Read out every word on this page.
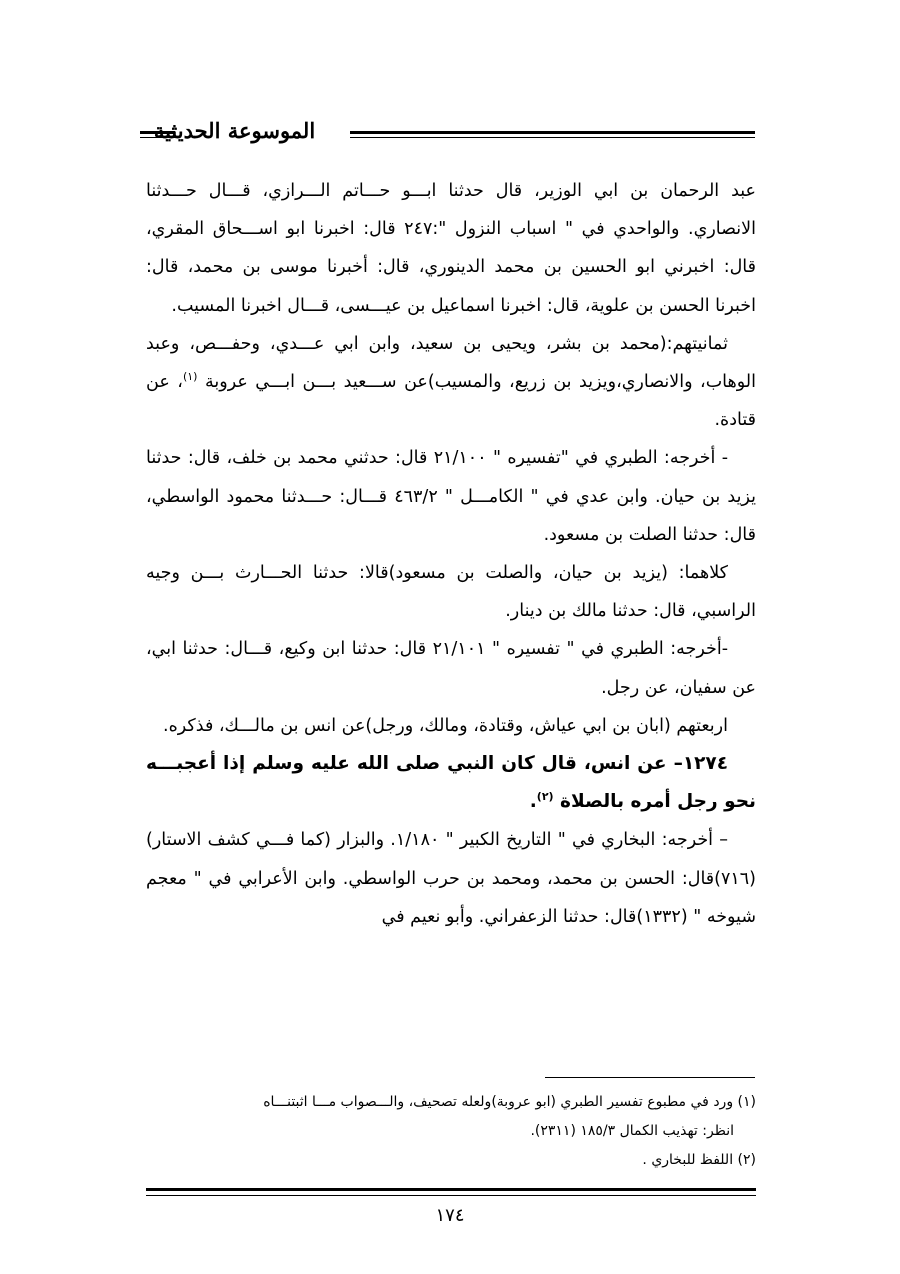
الموسوعة الحديثية

عبد الرحمان بن ابي الوزير، قال حدثنا ابـــو حـــاتم الـــرازي، قـــال حـــدثنا الانصاري. والواحدي في " اسباب النزول ":٢٤٧ قال: اخبرنا ابو اســـحاق المقري، قال: اخبرني ابو الحسين بن محمد الدينوري، قال: أخبرنا موسى بن محمد، قال: اخبرنا الحسن بن علوية، قال: اخبرنا اسماعيل بن عيـــسى، قـــال اخبرنا المسيب.

ثمانيتهم:(محمد بن بشر، ويحيى بن سعيد، وابن ابي عـــدي، وحفـــص، وعبد الوهاب، والانصاري،ويزيد بن زريع، والمسيب)عن ســـعيد بـــن ابـــي عروبة $^{(١)}$، عن قتادة.

- أخرجه: الطبري في "تفسيره " ٢١/١٠٠ قال: حدثني محمد بن خلف، قال: حدثنا يزيد بن حيان. وابن عدي في " الكامـــل " ٤٦٣/٢ قـــال: حـــدثنا محمود الواسطي، قال: حدثنا الصلت بن مسعود.

كلاهما: (يزيد بن حيان، والصلت بن مسعود)قالا: حدثنا الحـــارث بـــن وجيه الراسبي، قال: حدثنا مالك بن دينار.

-أخرجه: الطبري في " تفسيره " ٢١/١٠١ قال: حدثنا ابن وكيع، قـــال: حدثنا ابي، عن سفيان، عن رجل.

اربعتهم (ابان بن ابي عياش، وقتادة، ومالك، ورجل)عن انس بن مالـــك، فذكره.

١٢٧٤– عن انس، قال كان النبي صلى الله عليه وسلم إذا أعجبـــه نحو رجل أمره بالصلاة $^{(٢)}$.

– أخرجه: البخاري في " التاريخ الكبير " ١/١٨٠. والبزار (كما فـــي كشف الاستار)(٧١٦)قال: الحسن بن محمد، ومحمد بن حرب الواسطي. وابن الأعرابي في " معجم شيوخه " (١٣٣٢)قال: حدثنا الزعفراني. وأبو نعيم في

(١) ورد في مطبوع تفسير الطبري (ابو عروبة)ولعله تصحيف، والـــصواب مـــا اثبتنـــاه

انظر: تهذيب الكمال ١٨٥/٣ (٢٣١١).

(٢) اللفظ للبخاري .

١٧٤
